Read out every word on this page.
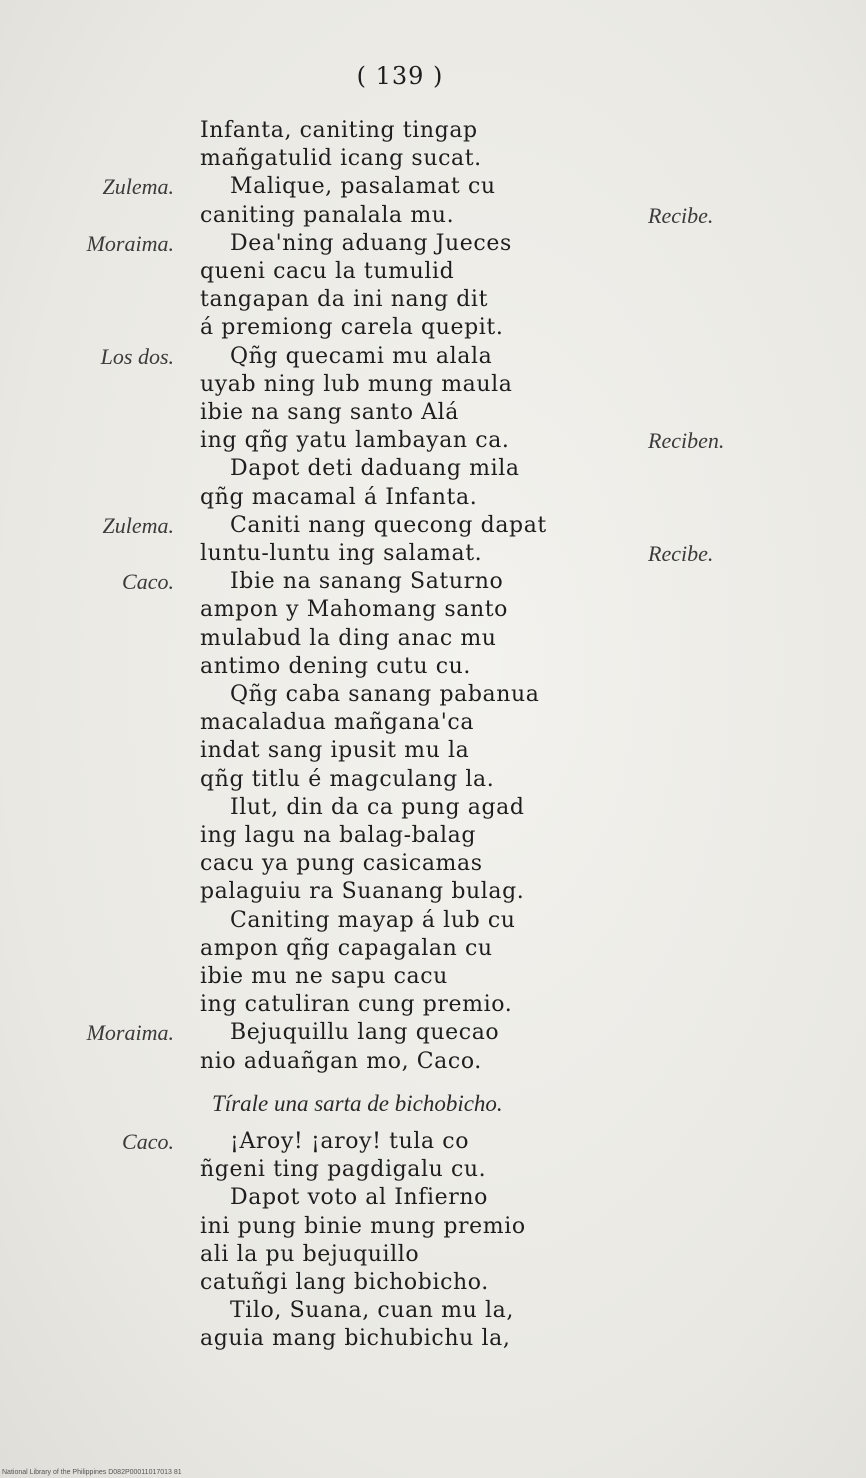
( 139 )
Infanta, caniting tingap
mañgatulid icang sucat.
Zulema.	Malique, pasalamat cu
caniting panalala mu.	Recibe.
Moraima.	Dea'ning aduang Jueces
queni cacu la tumulid
tangapan da ini nang dit
á premiong carela quepit.
Los dos.	Qñg quecami mu alala
uyab ning lub mung maula
ibie na sang santo Alá
ing qñg yatu lambayan ca.	Reciben.
Dapot deti daduang mila
qñg macamal á Infanta.
Zulema.	Caniti nang quecong dapat
luntu-luntu ing salamat.	Recibe.
Caco.	Ibie na sanang Saturno
ampon y Mahomang santo
mulabud la ding anac mu
antimo dening cutu cu.
Qñg caba sanang pabanua
macaladua mañgana'ca
indat sang ipusit mu la
qñg titlu é magculang la.
Ilut, din da ca pung agad
ing lagu na balag-balag
cacu ya pung casicamas
palaguiu ra Suanang bulag.
Caniting mayap á lub cu
ampon qñg capagalan cu
ibie mu ne sapu cacu
ing catuliran cung premio.
Moraima.	Bejuquillu lang quecao
nio aduañgan mo, Caco.
Tírale una sarta de bichobicho.
Caco.	¡Aroy! ¡aroy! tula co
ñgeni ting pagdigalu cu.
Dapot voto al Infierno
ini pung binie mung premio
ali la pu bejuquillo
catuñgi lang bichobicho.
Tilo, Suana, cuan mu la,
aguia mang bichubichu la,
National Library of the Philippines D082P00011017013 81
